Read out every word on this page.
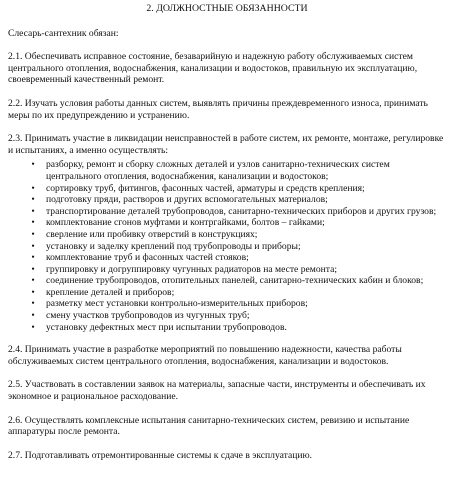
2. ДОЛЖНОСТНЫЕ ОБЯЗАННОСТИ
Слесарь-сантехник обязан:
2.1. Обеспечивать исправное состояние, безаварийную и надежную работу обслуживаемых систем центрального отопления, водоснабжения, канализации и водостоков, правильную их эксплуатацию, своевременный качественный ремонт.
2.2. Изучать условия работы данных систем, выявлять причины преждевременного износа, принимать меры по их предупреждению и устранению.
2.3. Принимать участие в ликвидации неисправностей в работе систем, их ремонте, монтаже, регулировке и испытаниях, а именно осуществлять:
• разборку, ремонт и сборку сложных деталей и узлов санитарно-технических систем центрального отопления, водоснабжения, канализации и водостоков;
• сортировку труб, фитингов, фасонных частей, арматуры и средств крепления;
• подготовку пряди, растворов и других вспомогательных материалов;
• транспортирование деталей трубопроводов, санитарно-технических приборов и других грузов;
• комплектование сгонов муфтами и контргайками, болтов – гайками;
• сверление или пробивку отверстий в конструкциях;
• установку и заделку креплений под трубопроводы и приборы;
• комплектование труб и фасонных частей стояков;
• группировку и догруппировку чугунных радиаторов на месте ремонта;
• соединение трубопроводов, отопительных панелей, санитарно-технических кабин и блоков;
• крепление деталей и приборов;
• разметку мест установки контрольно-измерительных приборов;
• смену участков трубопроводов из чугунных труб;
• установку дефектных мест при испытании трубопроводов.
2.4. Принимать участие в разработке мероприятий по повышению надежности, качества работы обслуживаемых систем центрального отопления, водоснабжения, канализации и водостоков.
2.5. Участвовать в составлении заявок на материалы, запасные части, инструменты и обеспечивать их экономное и рациональное расходование.
2.6. Осуществлять комплексные испытания санитарно-технических систем, ревизию и испытание аппаратуры после ремонта.
2.7. Подготавливать отремонтированные системы к сдаче в эксплуатацию.
